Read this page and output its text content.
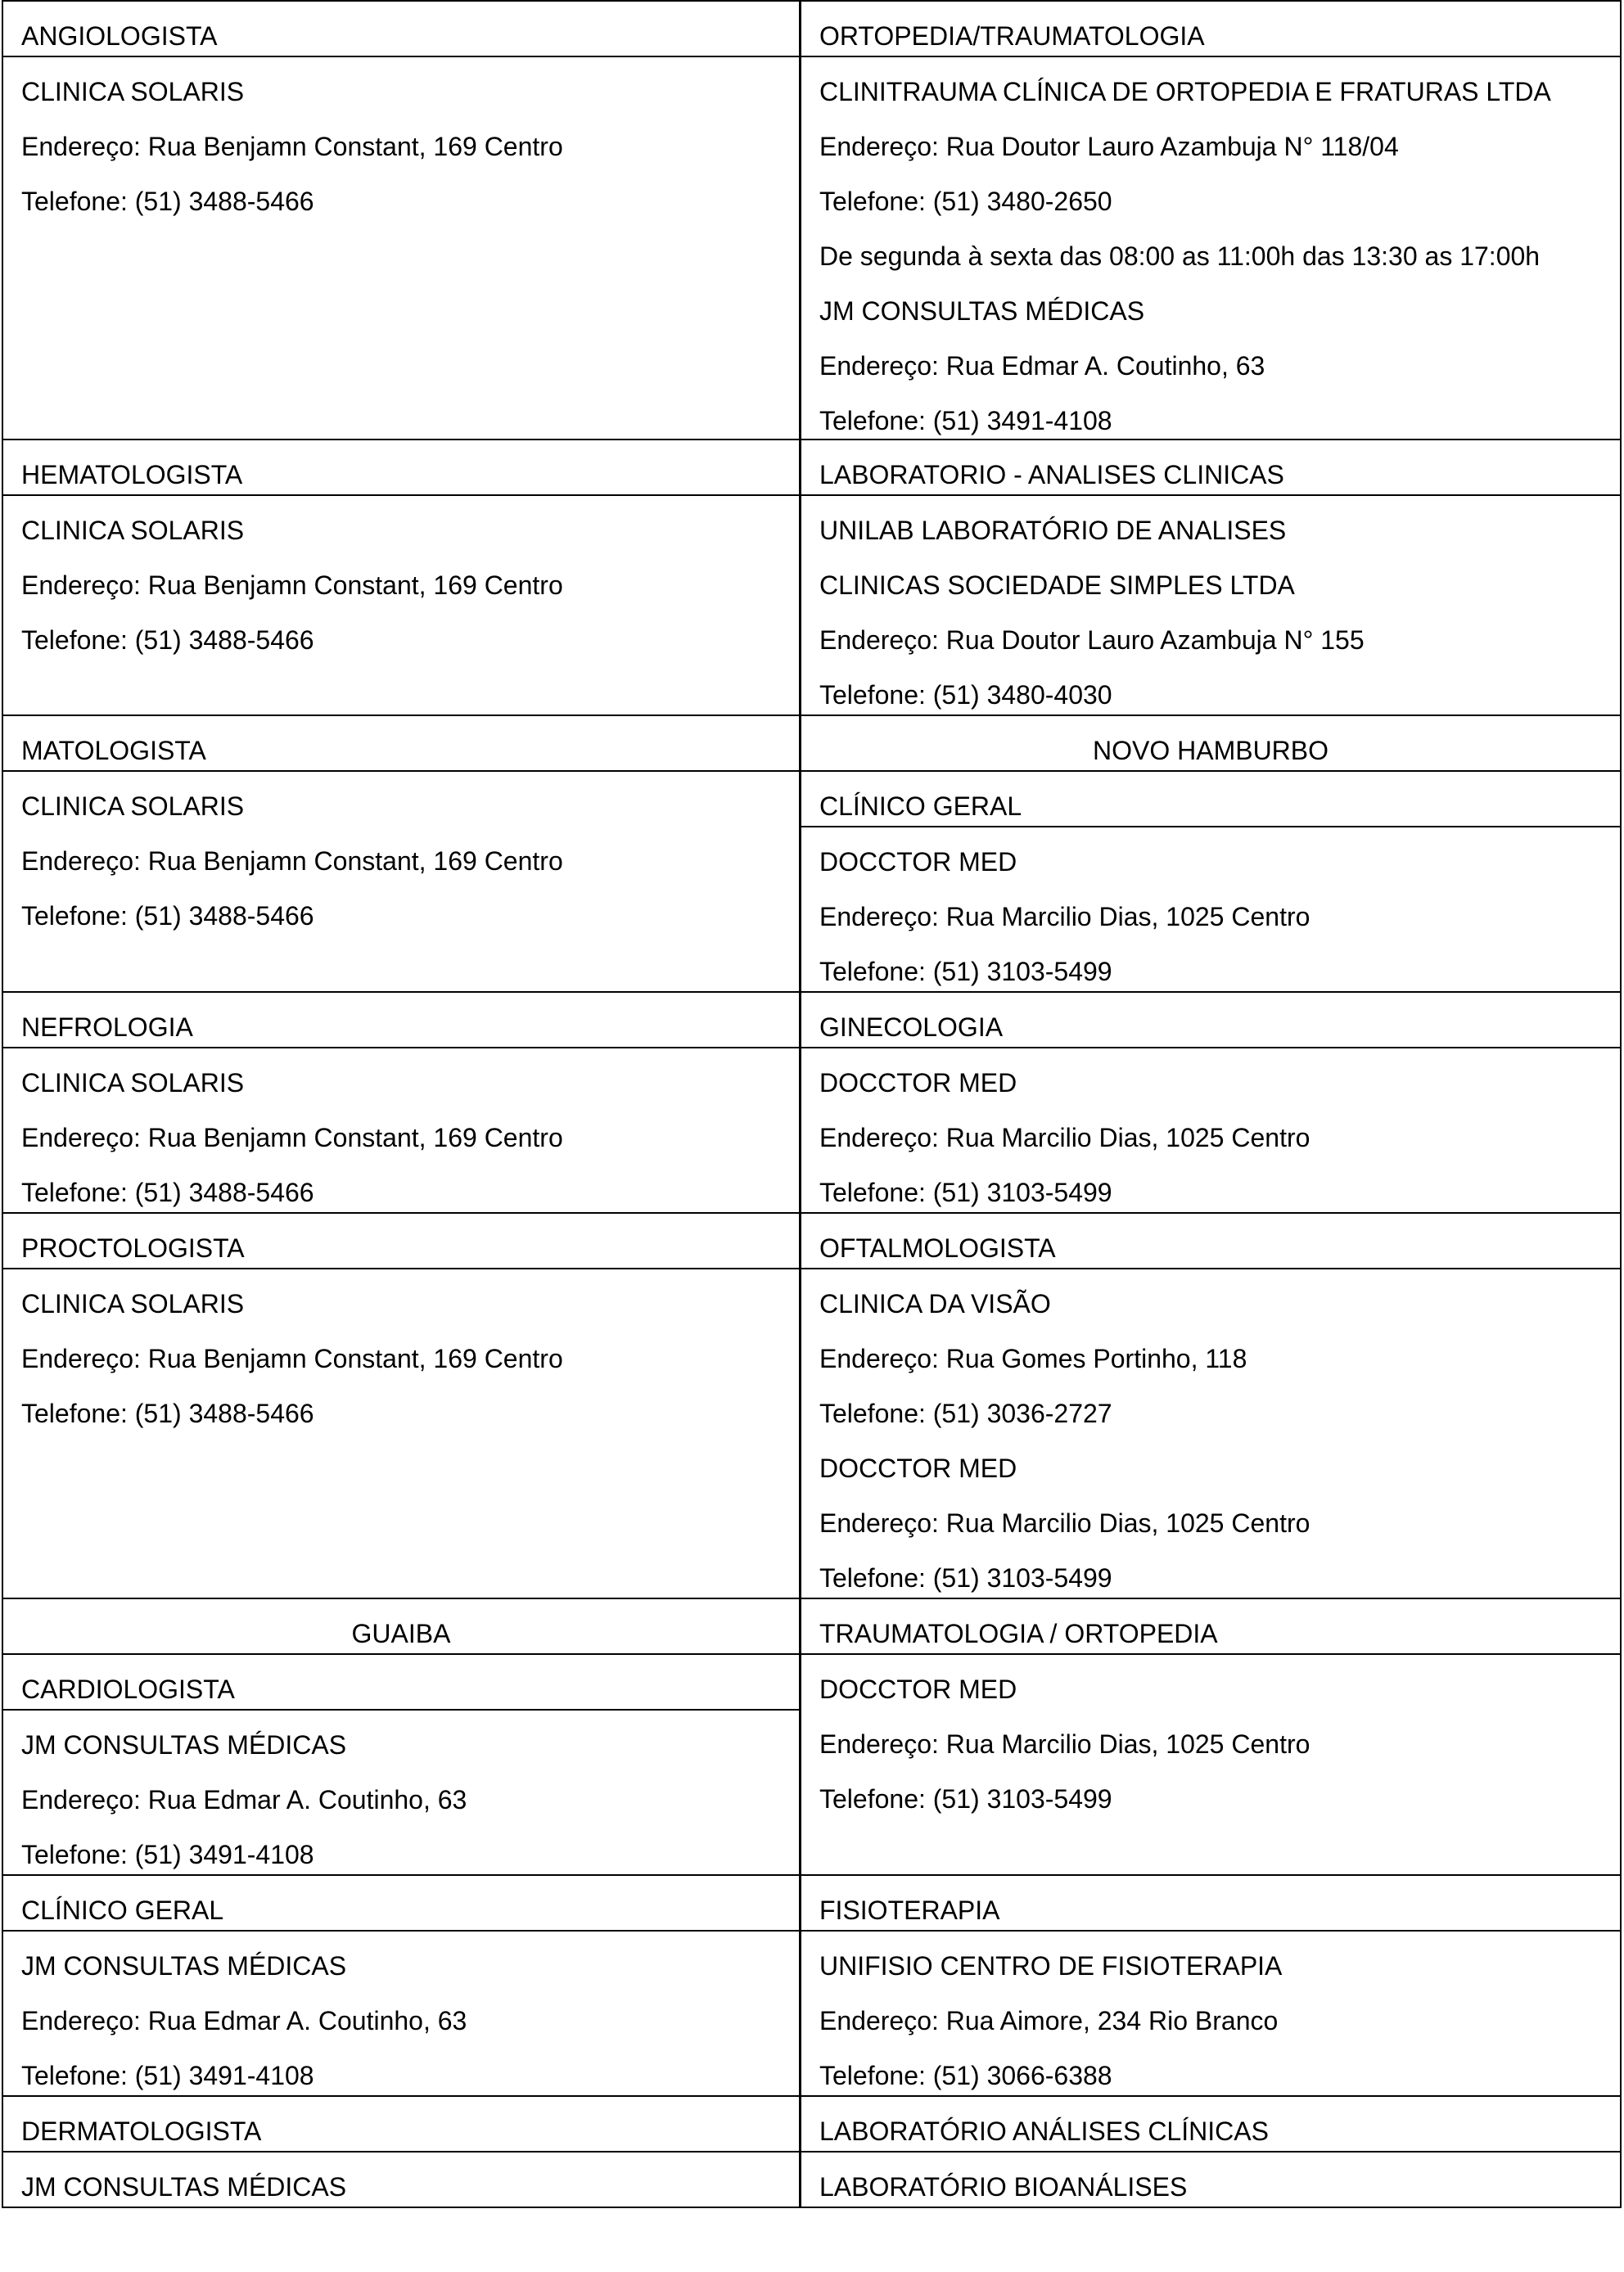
ANGIOLOGISTA
CLINICA SOLARIS
Endereço: Rua Benjamn Constant, 169 Centro
Telefone: (51) 3488-5466
HEMATOLOGISTA
CLINICA SOLARIS
Endereço: Rua Benjamn Constant, 169 Centro
Telefone: (51) 3488-5466
MATOLOGISTA
CLINICA SOLARIS
Endereço: Rua Benjamn Constant, 169 Centro
Telefone: (51) 3488-5466
NEFROLOGIA
CLINICA SOLARIS
Endereço: Rua Benjamn Constant, 169 Centro
Telefone: (51) 3488-5466
PROCTOLOGISTA
CLINICA SOLARIS
Endereço: Rua Benjamn Constant, 169 Centro
Telefone: (51) 3488-5466
GUAIBA
CARDIOLOGISTA
JM CONSULTAS MÉDICAS
Endereço: Rua Edmar A. Coutinho, 63
Telefone: (51) 3491-4108
CLÍNICO GERAL
JM CONSULTAS MÉDICAS
Endereço: Rua Edmar A. Coutinho, 63
Telefone: (51) 3491-4108
DERMATOLOGISTA
JM CONSULTAS MÉDICAS
ORTOPEDIA/TRAUMATOLOGIA
CLINITRAUMA CLÍNICA DE ORTOPEDIA E FRATURAS LTDA
Endereço: Rua Doutor Lauro Azambuja N° 118/04
Telefone: (51) 3480-2650
De segunda à sexta das 08:00 as 11:00h das 13:30 as 17:00h
JM CONSULTAS MÉDICAS
Endereço: Rua Edmar A. Coutinho, 63
Telefone: (51) 3491-4108
LABORATORIO - ANALISES CLINICAS
UNILAB LABORATÓRIO DE ANALISES
CLINICAS SOCIEDADE SIMPLES LTDA
Endereço: Rua Doutor Lauro Azambuja N° 155
Telefone: (51) 3480-4030
NOVO HAMBURBO
CLÍNICO GERAL
DOCCTOR MED
Endereço: Rua Marcilio Dias, 1025 Centro
Telefone: (51) 3103-5499
GINECOLOGIA
DOCCTOR MED
Endereço: Rua Marcilio Dias, 1025 Centro
Telefone: (51) 3103-5499
OFTALMOLOGISTA
CLINICA DA VISÃO
Endereço: Rua Gomes Portinho, 118
Telefone: (51) 3036-2727
DOCCTOR MED
Endereço: Rua Marcilio Dias, 1025 Centro
Telefone: (51) 3103-5499
TRAUMATOLOGIA / ORTOPEDIA
DOCCTOR MED
Endereço: Rua Marcilio Dias, 1025 Centro
Telefone: (51) 3103-5499
FISIOTERAPIA
UNIFISIO CENTRO DE FISIOTERAPIA
Endereço: Rua Aimore, 234 Rio Branco
Telefone: (51) 3066-6388
LABORATÓRIO ANÁLISES CLÍNICAS
LABORATÓRIO BIOANÁLISES
